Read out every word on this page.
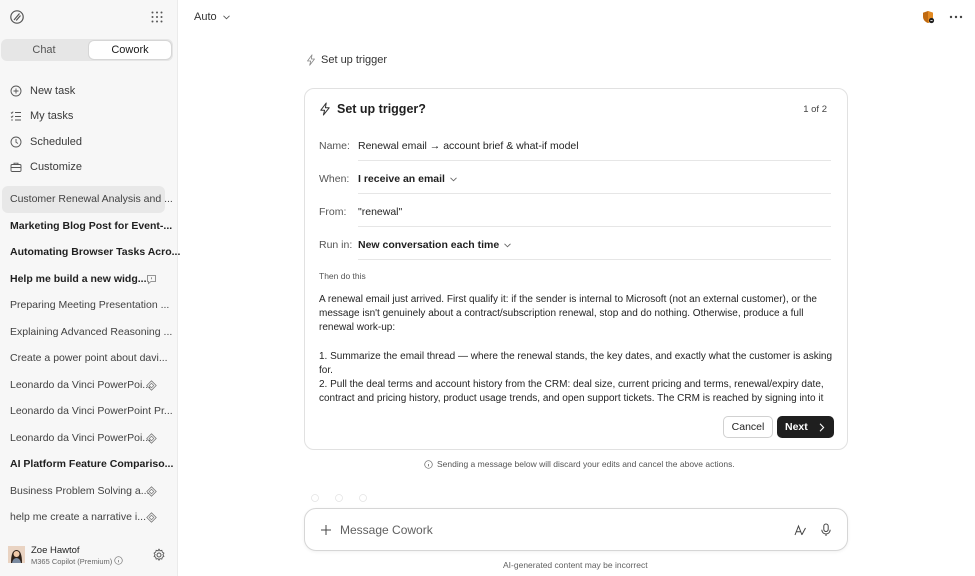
Chat	Cowork
New task
My tasks
Scheduled
Customize
Customer Renewal Analysis and ...
Marketing Blog Post for Event-...
Automating Browser Tasks Acro...
Help me build a new widg...
Preparing Meeting Presentation ...
Explaining Advanced Reasoning ...
Create a power point about davi...
Leonardo da Vinci PowerPoi...
Leonardo da Vinci PowerPoint Pr...
Leonardo da Vinci PowerPoi...
AI Platform Feature Compariso...
Business Problem Solving a...
help me create a narrative i...
Zoe Hawtof
M365 Copilot (Premium)
Auto
Set up trigger
Set up trigger?	1 of 2
Name: Renewal email → account brief & what-if model
When: I receive an email
From: "renewal"
Run in: New conversation each time
Then do this

A renewal email just arrived. First qualify it: if the sender is internal to Microsoft (not an external customer), or the message isn't genuinely about a contract/subscription renewal, stop and do nothing. Otherwise, produce a full renewal work-up:

1. Summarize the email thread — where the renewal stands, the key dates, and exactly what the customer is asking for.

2. Pull the deal terms and account history from the CRM: deal size, current pricing and terms, renewal/expiry date, contract and pricing history, product usage trends, and open support tickets. The CRM is reached by signing into it

Cancel	Next
Sending a message below will discard your edits and cancel the above actions.
Message Cowork
AI-generated content may be incorrect
